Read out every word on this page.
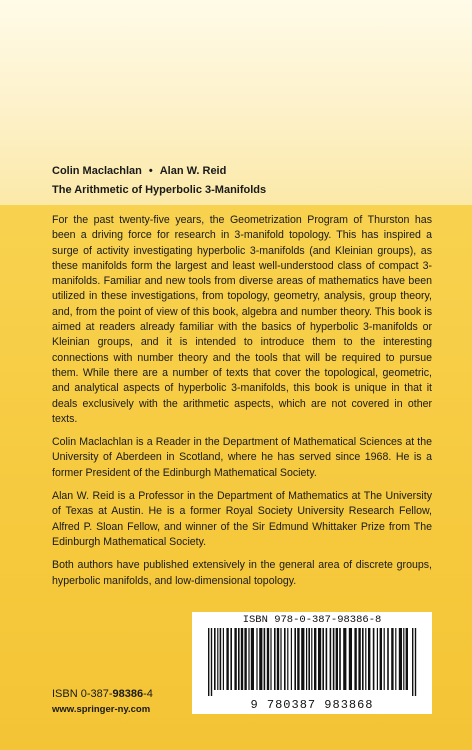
Colin Maclachlan • Alan W. Reid
The Arithmetic of Hyperbolic 3-Manifolds

For the past twenty-five years, the Geometrization Program of Thurston has been a driving force for research in 3-manifold topology. This has inspired a surge of activity investigating hyperbolic 3-manifolds (and Kleinian groups), as these manifolds form the largest and least well-understood class of compact 3-manifolds. Familiar and new tools from diverse areas of mathematics have been utilized in these investigations, from topology, geometry, analysis, group theory, and, from the point of view of this book, algebra and number theory. This book is aimed at readers already familiar with the basics of hyperbolic 3-manifolds or Kleinian groups, and it is intended to introduce them to the interesting connections with number theory and the tools that will be required to pursue them. While there are a number of texts that cover the topological, geometric, and analytical aspects of hyperbolic 3-manifolds, this book is unique in that it deals exclusively with the arithmetic aspects, which are not covered in other texts.

Colin Maclachlan is a Reader in the Department of Mathematical Sciences at the University of Aberdeen in Scotland, where he has served since 1968. He is a former President of the Edinburgh Mathematical Society.

Alan W. Reid is a Professor in the Department of Mathematics at The University of Texas at Austin. He is a former Royal Society University Research Fellow, Alfred P. Sloan Fellow, and winner of the Sir Edmund Whittaker Prize from The Edinburgh Mathematical Society.

Both authors have published extensively in the general area of discrete groups, hyperbolic manifolds, and low-dimensional topology.

ISBN 978-0-387-98386-8
9 780387 983868
ISBN 0-387-98386-4
www.springer-ny.com
